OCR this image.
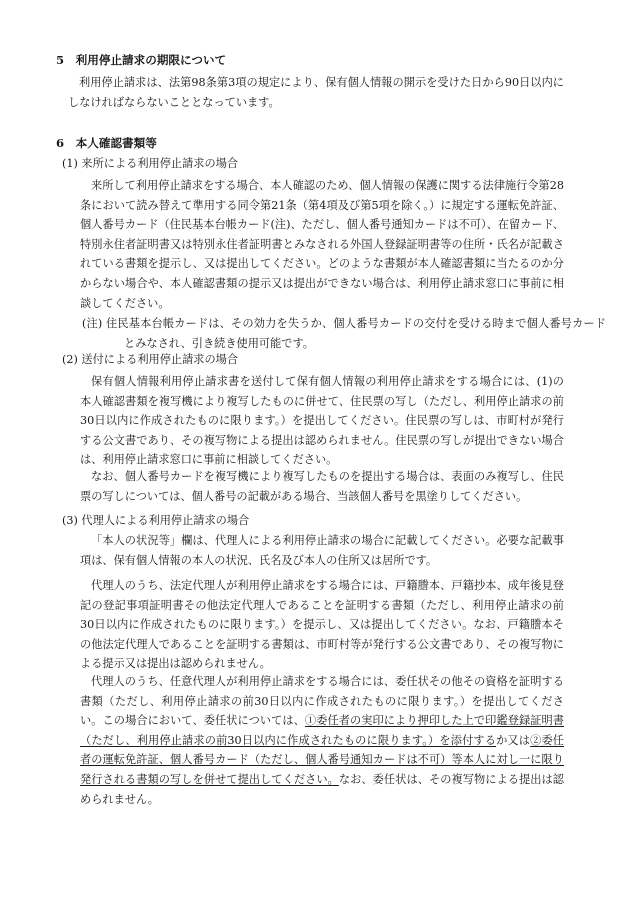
5　利用停止請求の期限について

利用停止請求は、法第98条第3項の規定により、保有個人情報の開示を受けた日から90日以内にしなければならないこととなっています。

6　本人確認書類等
(1) 来所による利用停止請求の場合

来所して利用停止請求をする場合、本人確認のため、個人情報の保護に関する法律施行令第28条において読み替えて準用する同令第21条（第4項及び第5項を除く。）に規定する運転免許証、個人番号カード（住民基本台帳カード(注)、ただし、個人番号通知カードは不可）、在留カード、特別永住者証明書又は特別永住者証明書とみなされる外国人登録証明書等の住所・氏名が記載されている書類を提示し、又は提出してください。どのような書類が本人確認書類に当たるのか分からない場合や、本人確認書類の提示又は提出ができない場合は、利用停止請求窓口に事前に相談してください。

(注) 住民基本台帳カードは、その効力を失うか、個人番号カードの交付を受ける時まで個人番号カードとみなされ、引き続き使用可能です。

(2) 送付による利用停止請求の場合

保有個人情報利用停止請求書を送付して保有個人情報の利用停止請求をする場合には、(1)の本人確認書類を複写機により複写したものに併せて、住民票の写し（ただし、利用停止請求の前30日以内に作成されたものに限ります。）を提出してください。住民票の写しは、市町村が発行する公文書であり、その複写物による提出は認められません。住民票の写しが提出できない場合は、利用停止請求窓口に事前に相談してください。

なお、個人番号カードを複写機により複写したものを提出する場合は、表面のみ複写し、住民票の写しについては、個人番号の記載がある場合、当該個人番号を黒塗りしてください。

(3) 代理人による利用停止請求の場合

「本人の状況等」欄は、代理人による利用停止請求の場合に記載してください。必要な記載事項は、保有個人情報の本人の状況、氏名及び本人の住所又は居所です。

代理人のうち、法定代理人が利用停止請求をする場合には、戸籍謄本、戸籍抄本、成年後見登記の登記事項証明書その他法定代理人であることを証明する書類（ただし、利用停止請求の前30日以内に作成されたものに限ります。）を提示し、又は提出してください。なお、戸籍謄本その他法定代理人であることを証明する書類は、市町村等が発行する公文書であり、その複写物による提示又は提出は認められません。

代理人のうち、任意代理人が利用停止請求をする場合には、委任状その他その資格を証明する書類（ただし、利用停止請求の前30日以内に作成されたものに限ります。）を提出してください。この場合において、委任状については、①委任者の実印により押印した上で印鑑登録証明書（ただし、利用停止請求の前30日以内に作成されたものに限ります。）を添付するか又は②委任者の運転免許証、個人番号カード（ただし、個人番号通知カードは不可）等本人に対し一に限り発行される書類の写しを併せて提出してください。なお、委任状は、その複写物による提出は認められません。
